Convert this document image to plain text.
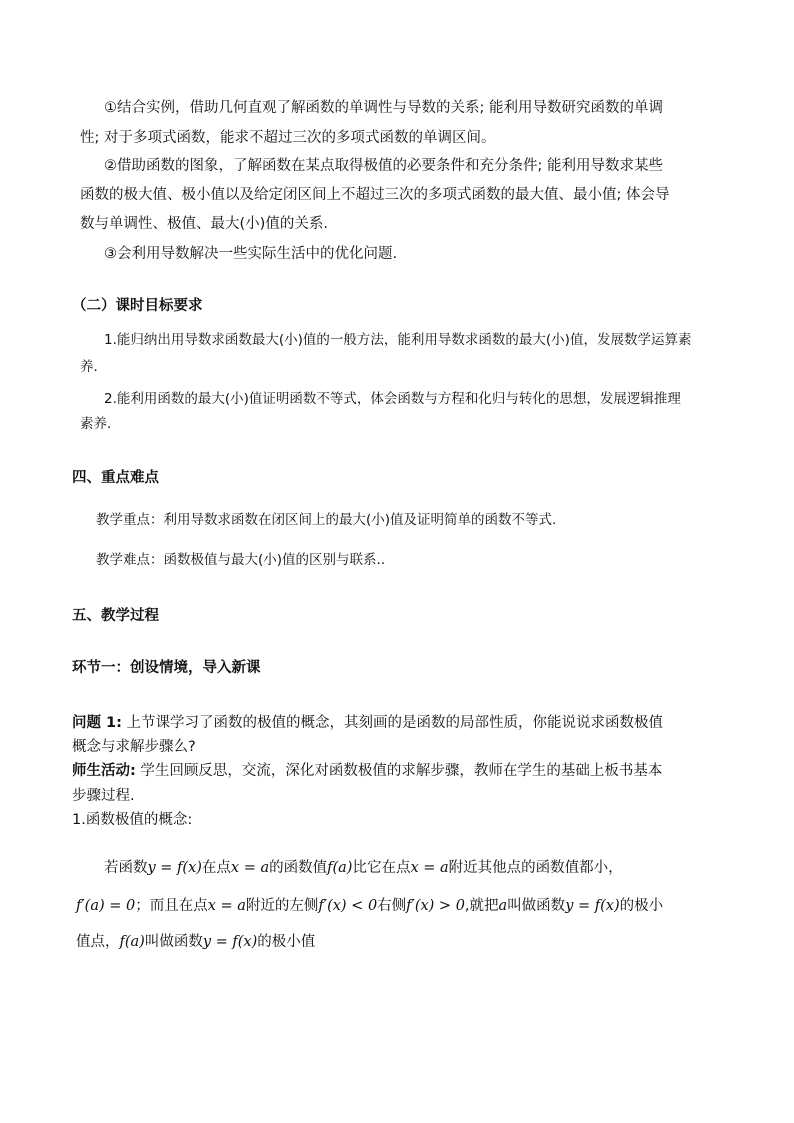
①结合实例，借助几何直观了解函数的单调性与导数的关系; 能利用导数研究函数的单调
性; 对于多项式函数，能求不超过三次的多项式函数的单调区间。
②借助函数的图象，了解函数在某点取得极值的必要条件和充分条件; 能利用导数求某些
函数的极大值、极小值以及给定闭区间上不超过三次的多项式函数的最大值、最小值; 体会导
数与单调性、极值、最大(小)值的关系.
③会利用导数解决一些实际生活中的优化问题.
（二）课时目标要求
1.能归纳出用导数求函数最大(小)值的一般方法，能利用导数求函数的最大(小)值，发展数学运算素
养.
2.能利用函数的最大(小)值证明函数不等式，体会函数与方程和化归与转化的思想，发展逻辑推理
素养.
四、重点难点
教学重点：利用导数求函数在闭区间上的最大(小)值及证明简单的函数不等式.
教学难点：函数极值与最大(小)值的区别与联系..
五、教学过程
环节一：创设情境，导入新课
问题 1: 上节课学习了函数的极值的概念，其刻画的是函数的局部性质，你能说说求函数极值
概念与求解步骤么?
师生活动: 学生回顾反思，交流，深化对函数极值的求解步骤，教师在学生的基础上板书基本
步骤过程.
1.函数极值的概念:
若函数y = f(x)在点x = a的函数值f(a)比它在点x = a附近其他点的函数值都小，
f′(a) = 0；而且在点x = a附近的左侧f′(x) < 0右侧f′(x) > 0,就把a叫做函数y = f(x)的极小
值点，f(a)叫做函数y = f(x)的极小值
